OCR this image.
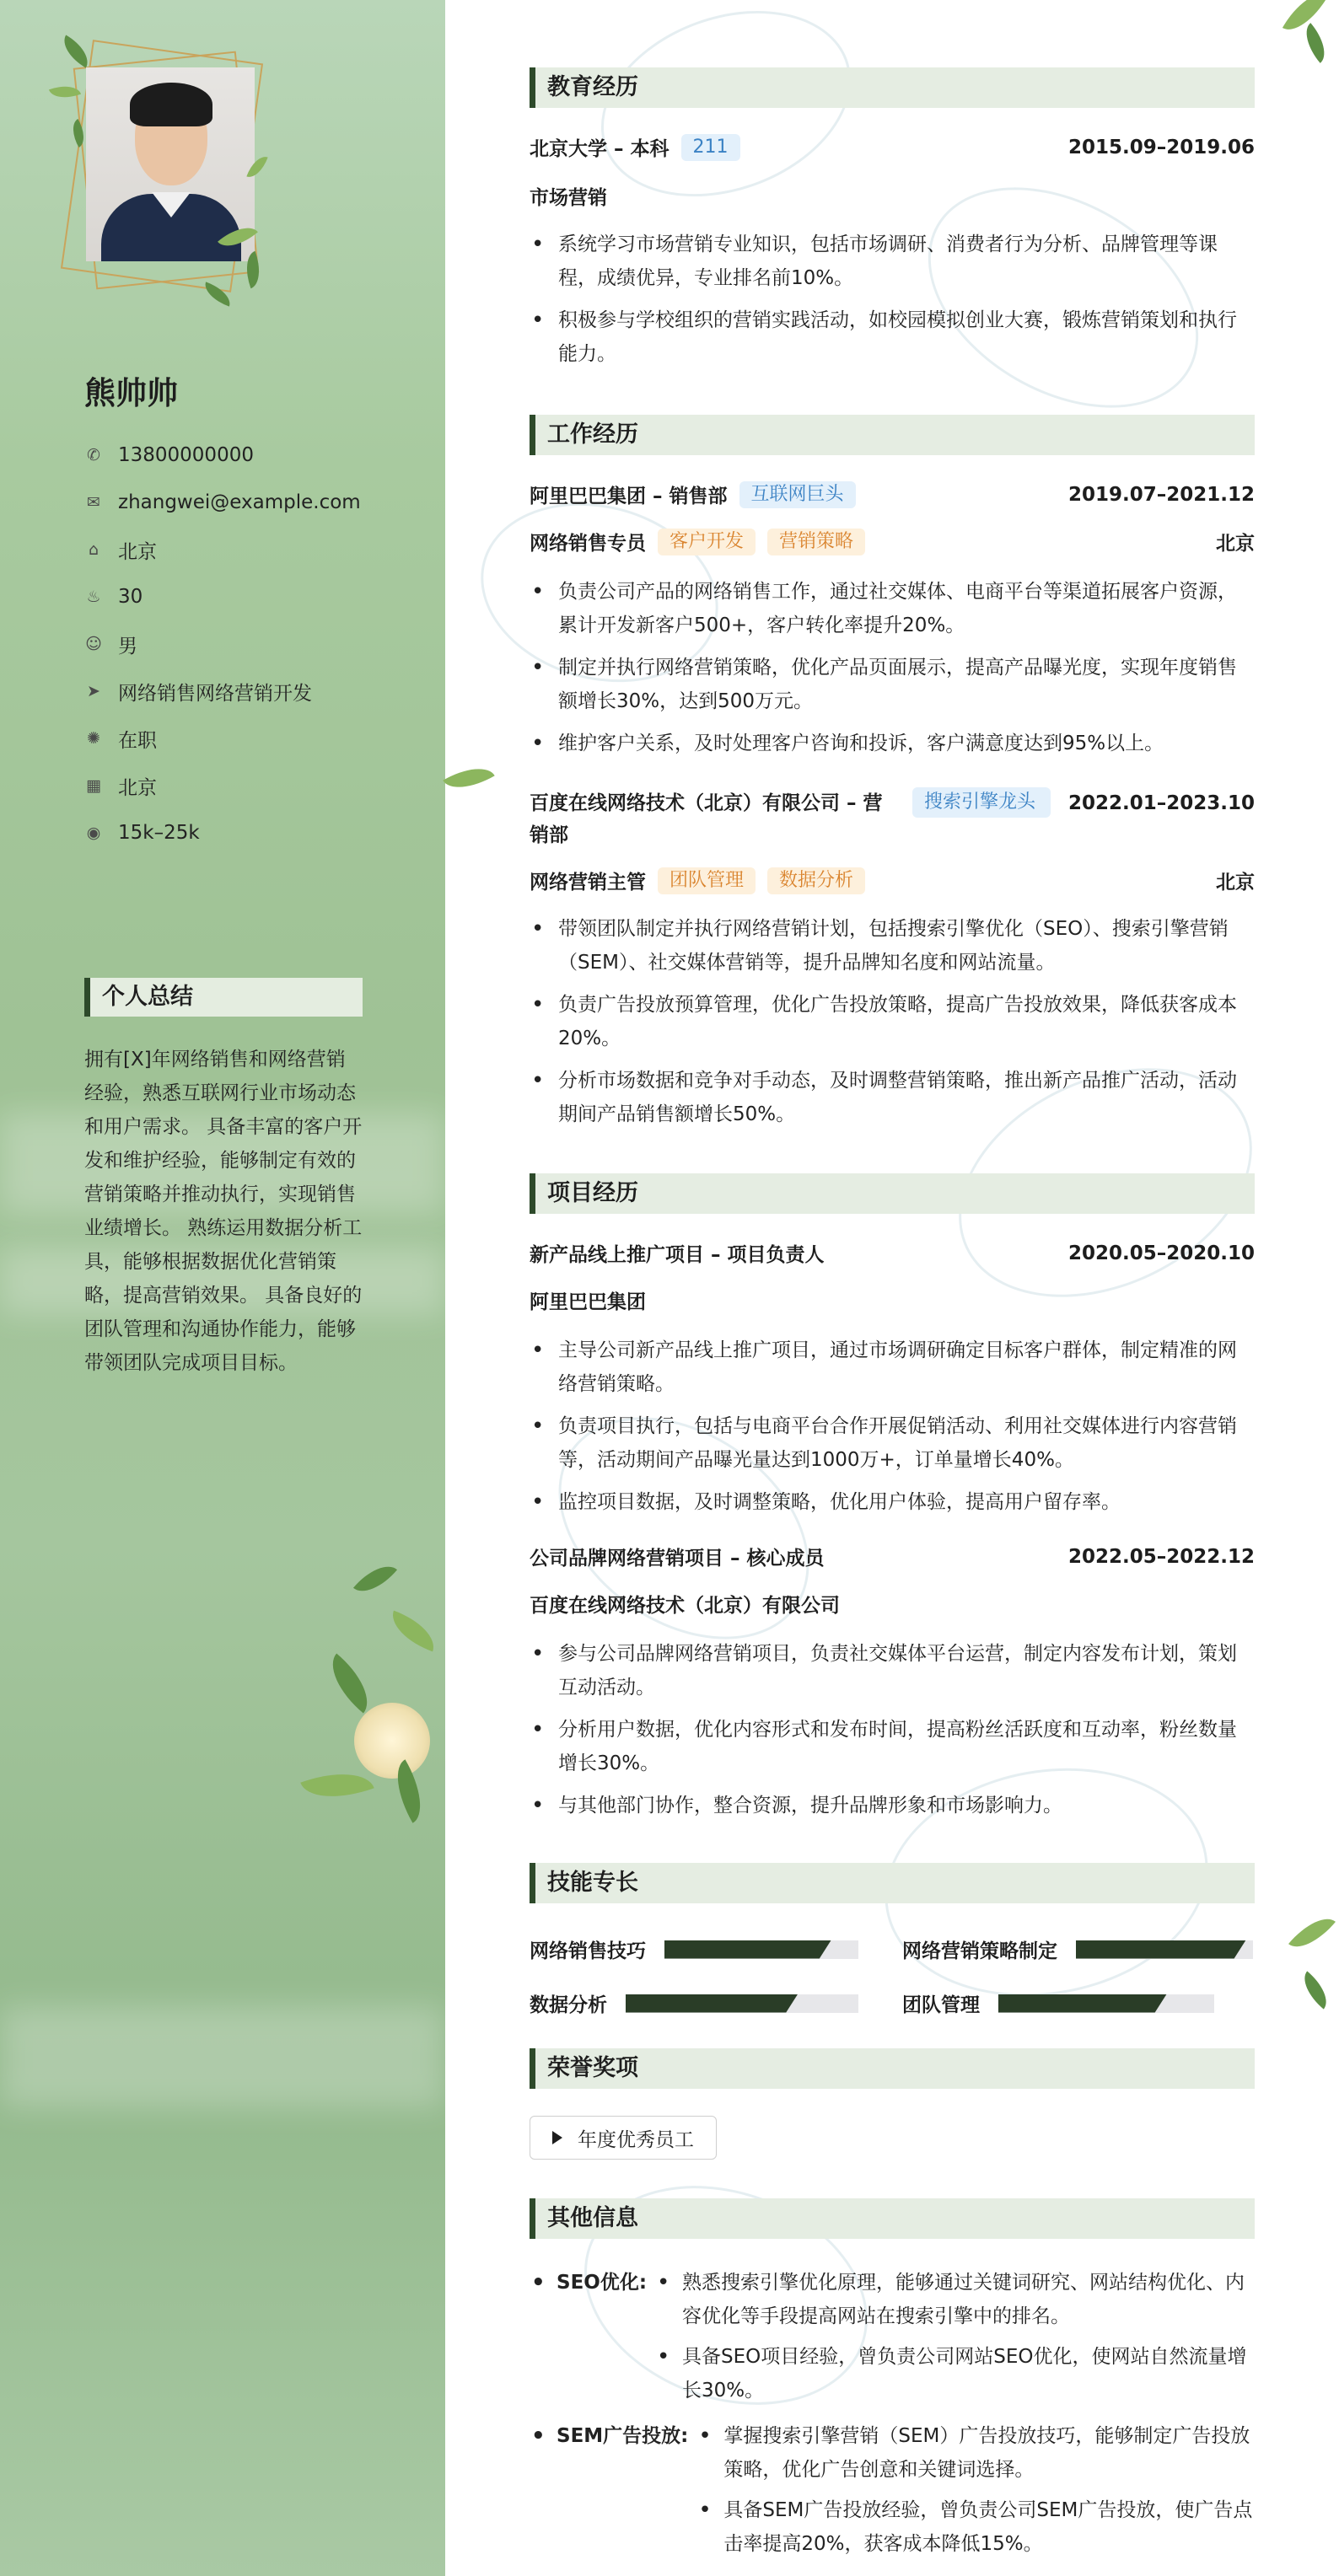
熊帅帅
✆ 13800000000
✉ zhangwei@example.com
⌂ 北京
♨ 30
☺ 男
➤ 网络销售网络营销开发
✺ 在职
▦ 北京
◉ 15k–25k
个人总结

拥有[X]年网络销售和网络营销经验，熟悉互联网行业市场动态和用户需求。 具备丰富的客户开发和维护经验，能够制定有效的营销策略并推动执行，实现销售业绩增长。 熟练运用数据分析工具，能够根据数据优化营销策略，提高营销效果。 具备良好的团队管理和沟通协作能力，能够带领团队完成项目目标。

教育经历
北京大学 – 本科	211	2015.09–2019.06
市场营销
• 系统学习市场营销专业知识，包括市场调研、消费者行为分析、品牌管理等课程，成绩优异，专业排名前10%。
• 积极参与学校组织的营销实践活动，如校园模拟创业大赛，锻炼营销策划和执行能力。
工作经历
阿里巴巴集团 – 销售部	互联网巨头	2019.07–2021.12
网络销售专员	客户开发	营销策略	北京
• 负责公司产品的网络销售工作，通过社交媒体、电商平台等渠道拓展客户资源，累计开发新客户500+，客户转化率提升20%。
• 制定并执行网络营销策略，优化产品页面展示，提高产品曝光度，实现年度销售额增长30%，达到500万元。
• 维护客户关系，及时处理客户咨询和投诉，客户满意度达到95%以上。
百度在线网络技术（北京）有限公司 – 营销部
搜索引擎龙头	2022.01–2023.10
网络营销主管	团队管理	数据分析	北京
• 带领团队制定并执行网络营销计划，包括搜索引擎优化（SEO）、搜索引擎营销（SEM）、社交媒体营销等，提升品牌知名度和网站流量。
• 负责广告投放预算管理，优化广告投放策略，提高广告投放效果，降低获客成本20%。
• 分析市场数据和竞争对手动态，及时调整营销策略，推出新产品推广活动，活动期间产品销售额增长50%。
项目经历
新产品线上推广项目 – 项目负责人	2020.05–2020.10
阿里巴巴集团
• 主导公司新产品线上推广项目，通过市场调研确定目标客户群体，制定精准的网络营销策略。
• 负责项目执行，包括与电商平台合作开展促销活动、利用社交媒体进行内容营销等，活动期间产品曝光量达到1000万+，订单量增长40%。
• 监控项目数据，及时调整策略，优化用户体验，提高用户留存率。
公司品牌网络营销项目 – 核心成员	2022.05–2022.12
百度在线网络技术（北京）有限公司
• 参与公司品牌网络营销项目，负责社交媒体平台运营，制定内容发布计划，策划互动活动。
• 分析用户数据，优化内容形式和发布时间，提高粉丝活跃度和互动率，粉丝数量增长30%。
• 与其他部门协作，整合资源，提升品牌形象和市场影响力。
技能专长
网络销售技巧	网络营销策略制定
数据分析	团队管理
荣誉奖项
年度优秀员工
其他信息
• SEO优化:	• 熟悉搜索引擎优化原理，能够通过关键词研究、网站结构优化、内容优化等手段提高网站在搜索引擎中的排名。
• 具备SEO项目经验，曾负责公司网站SEO优化，使网站自然流量增长30%。
• SEM广告投放:	• 掌握搜索引擎营销（SEM）广告投放技巧，能够制定广告投放策略，优化广告创意和关键词选择。
• 具备SEM广告投放经验，曾负责公司SEM广告投放，使广告点击率提高20%，获客成本降低15%。
